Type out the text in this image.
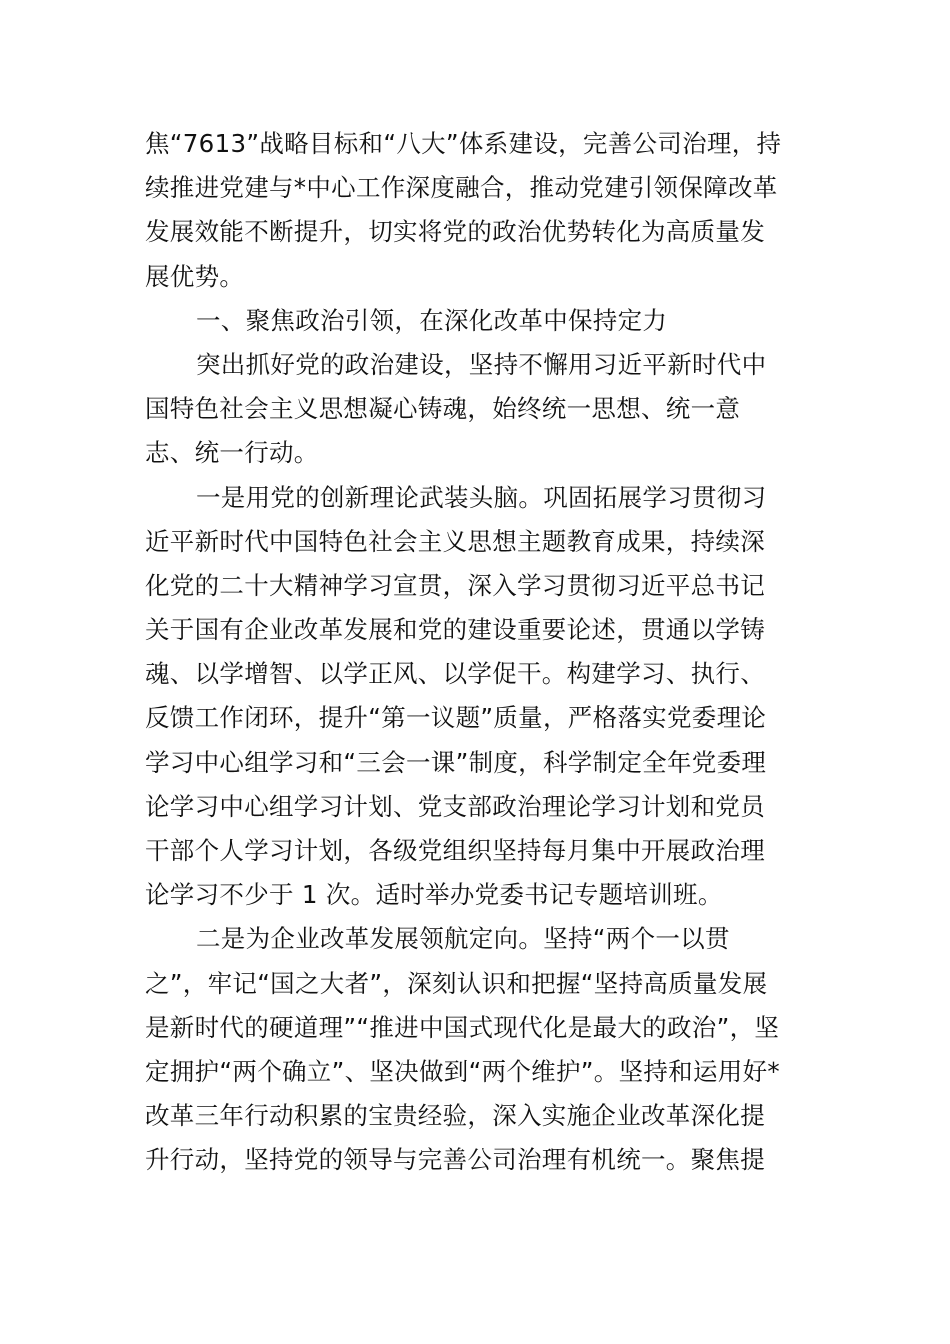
焦“7613”战略目标和“八大”体系建设，完善公司治理，持
续推进党建与*中心工作深度融合，推动党建引领保障改革
发展效能不断提升，切实将党的政治优势转化为高质量发
展优势。
一、聚焦政治引领，在深化改革中保持定力
突出抓好党的政治建设，坚持不懈用习近平新时代中
国特色社会主义思想凝心铸魂，始终统一思想、统一意
志、统一行动。
一是用党的创新理论武装头脑。巩固拓展学习贯彻习
近平新时代中国特色社会主义思想主题教育成果，持续深
化党的二十大精神学习宣贯，深入学习贯彻习近平总书记
关于国有企业改革发展和党的建设重要论述，贯通以学铸
魂、以学增智、以学正风、以学促干。构建学习、执行、
反馈工作闭环，提升“第一议题”质量，严格落实党委理论
学习中心组学习和“三会一课”制度，科学制定全年党委理
论学习中心组学习计划、党支部政治理论学习计划和党员
干部个人学习计划，各级党组织坚持每月集中开展政治理
论学习不少于 1 次。适时举办党委书记专题培训班。
二是为企业改革发展领航定向。坚持“两个一以贯
之”，牢记“国之大者”，深刻认识和把握“坚持高质量发展
是新时代的硬道理”“推进中国式现代化是最大的政治”，坚
定拥护“两个确立”、坚决做到“两个维护”。坚持和运用好*
改革三年行动积累的宝贵经验，深入实施企业改革深化提
升行动，坚持党的领导与完善公司治理有机统一。聚焦提
